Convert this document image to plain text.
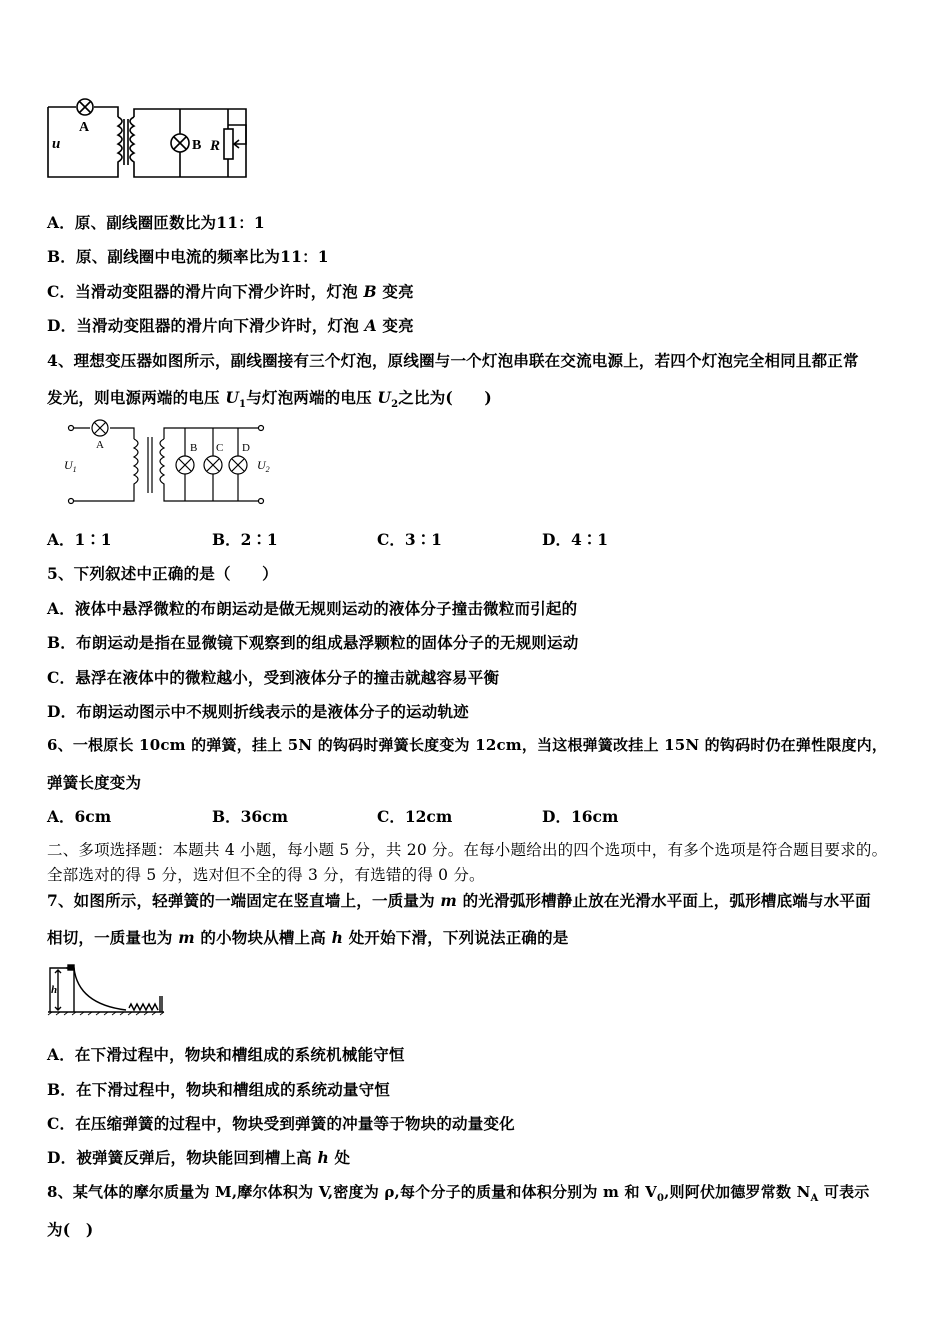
A
B R
u
A．原、副线圈匝数比为11：1
B．原、副线圈中电流的频率比为11：1
C．当滑动变阻器的滑片向下滑少许时，灯泡 B 变亮
D．当滑动变阻器的滑片向下滑少许时，灯泡 A 变亮
4、理想变压器如图所示，副线圈接有三个灯泡，原线圈与一个灯泡串联在交流电源上，若四个灯泡完全相同且都正常
发光，则电源两端的电压 $U_1$与灯泡两端的电压 $U_2$之比为(　　)
A	B C D
$U_1$	$U_2$
A．1∶1	B．2∶1	C．3∶1	D．4∶1
5、下列叙述中正确的是（　　）
A．液体中悬浮微粒的布朗运动是做无规则运动的液体分子撞击微粒而引起的
B．布朗运动是指在显微镜下观察到的组成悬浮颗粒的固体分子的无规则运动
C．悬浮在液体中的微粒越小，受到液体分子的撞击就越容易平衡
D．布朗运动图示中不规则折线表示的是液体分子的运动轨迹
6、一根原长 10cm 的弹簧，挂上 5N 的钩码时弹簧长度变为 12cm，当这根弹簧改挂上 15N 的钩码时仍在弹性限度内，
弹簧长度变为
A．6cm	B．36cm	C．12cm	D．16cm
二、多项选择题：本题共 4 小题，每小题 5 分，共 20 分。在每小题给出的四个选项中，有多个选项是符合题目要求的。
全部选对的得 5 分，选对但不全的得 3 分，有选错的得 0 分。
7、如图所示，轻弹簧的一端固定在竖直墙上，一质量为 m 的光滑弧形槽静止放在光滑水平面上，弧形槽底端与水平面
相切，一质量也为 m 的小物块从槽上高 h 处开始下滑，下列说法正确的是
h
A．在下滑过程中，物块和槽组成的系统机械能守恒
B．在下滑过程中，物块和槽组成的系统动量守恒
C．在压缩弹簧的过程中，物块受到弹簧的冲量等于物块的动量变化
D．被弹簧反弹后，物块能回到槽上高 h 处
8、某气体的摩尔质量为 M,摩尔体积为 V,密度为 ρ,每个分子的质量和体积分别为 m 和 $V_0$,则阿伏加德罗常数 $N_A$ 可表示
为(　)
